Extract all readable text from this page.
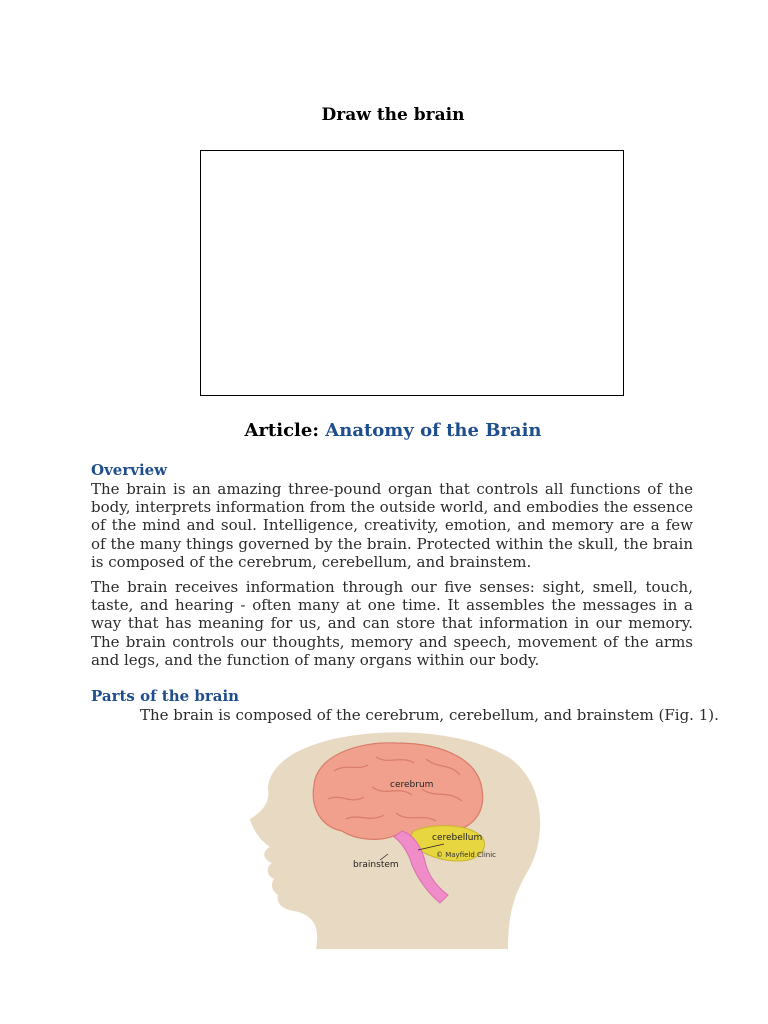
Draw the brain
Article: Anatomy of the Brain
Overview

The brain is an amazing three-pound organ that controls all functions of the body, interprets information from the outside world, and embodies the essence of the mind and soul. Intelligence, creativity, emotion, and memory are a few of the many things governed by the brain. Protected within the skull, the brain is composed of the cerebrum, cerebellum, and brainstem.

The brain receives information through our five senses: sight, smell, touch, taste, and hearing - often many at one time. It assembles the messages in a way that has meaning for us, and can store that information in our memory. The brain controls our thoughts, memory and speech, movement of the arms and legs, and the function of many organs within our body.

Parts of the brain

The brain is composed of the cerebrum, cerebellum, and brainstem (Fig. 1).

cerebrum
cerebellum
brainstem
© Mayfield Clinic
